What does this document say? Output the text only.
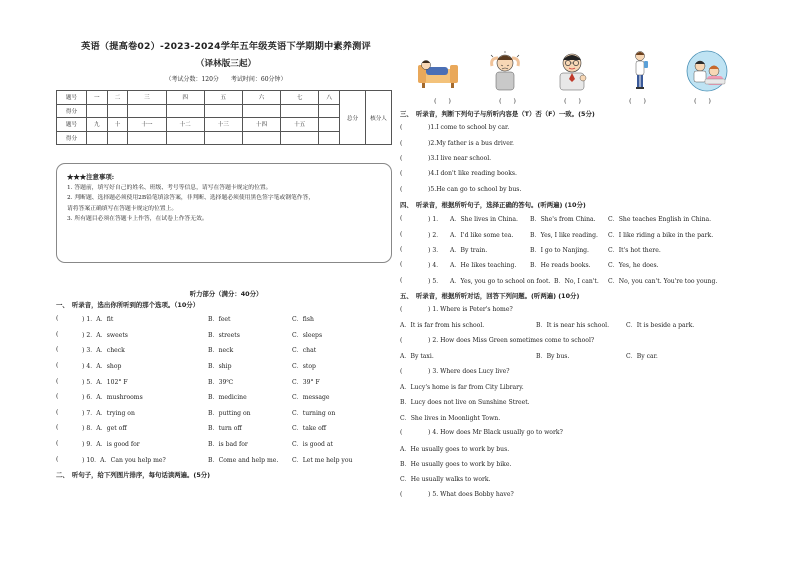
英语（提高卷02）-2023-2024学年五年级英语下学期期中素养测评
（译林版三起）
（考试分数：120分　　考试时间：60分钟）
题号	一	二	三	四	五	六	七	八	总分	核分人
得分										
题号	九	十	十一	十二	十三	十四	十五			
得分										
★★★注意事项:

1. 答题前，填写好自己的姓名、班级、考号等信息，请写在答题卡规定的位置。

2. 判断题、选择题必须使用2B铅笔填涂答案，非判断、选择题必须使用黑色签字笔或钢笔作答，

请将答案正确填写在答题卡规定的位置上。

3. 所有题目必须在答题卡上作答，在试卷上作答无效。

听力部分（满分：40分）
一、　听录音，选出你所听到的那个选项。（10分）
(	) 1．A．fit	B．feet	C．fish
(	) 2．A．sweets	B．streets	C．sleeps
(	) 3．A．check	B．neck	C．chat
(	) 4．A．shop	B．ship	C．stop
(	) 5．A．102° F	B．39℃	C．39° F
(	) 6．A．mushrooms	B．medicine	C．message
(	) 7．A．trying on	B．putting on	C．turning on
(	) 8．A．get off	B．turn off	C．take off
(	) 9．A．is good for	B．is bad for	C．is good at
(	) 10．A．Can you help me?	B．Come and help me.	C．Let me help you
二、　听句子，给下列图片排序，每句话读两遍。(5分)
(　　)	(　　)	(　　)	(　　)	(　　)
三、　听录音，判断下列句子与所听内容是（T）否（F）一致。(5分)
(	)1.I come to school by car.
(	)2.My father is a bus driver.
(	)3.I live near school.
(	)4.I don't like reading books.
(	)5.He can go to school by bus.
四、　听录音，根据所听句子，选择正确的答句。(听两遍) (10分)
(	) 1．	A．She lives in China.	B．She's from China.	C．She teaches English in China.
(	) 2．	A．I'd like some tea.	B．Yes, I like reading.	C．I like riding a bike in the park.
(	) 3．	A．By train.	B．I go to Nanjing.	C．It's hot there.
(	) 4．	A．He likes teaching.	B．He reads books.	C．Yes, he does.
(	) 5．	A．Yes, you go to school on foot. B．No, I can't.	C．No, you can't. You're too young.
五、　听录音，根据所听对话，回答下列问题。(听两遍) (10分)
(	) 1. Where is Peter's home?
A．It is far from his school.	B．It is near his school.	C．It is beside a park.
(	) 2. How does Miss Green sometimes come to school?
A．By taxi.	B．By bus.	C．By car.
(	) 3. Where does Lucy live?
A．Lucy's home is far from City Library.
B．Lucy does not live on Sunshine Street.
C．She lives in Moonlight Town.
(	) 4. How does Mr Black usually go to work?
A．He usually goes to work by bus.
B．He usually goes to work by bike.
C．He usually walks to work.
(	) 5. What does Bobby have?
